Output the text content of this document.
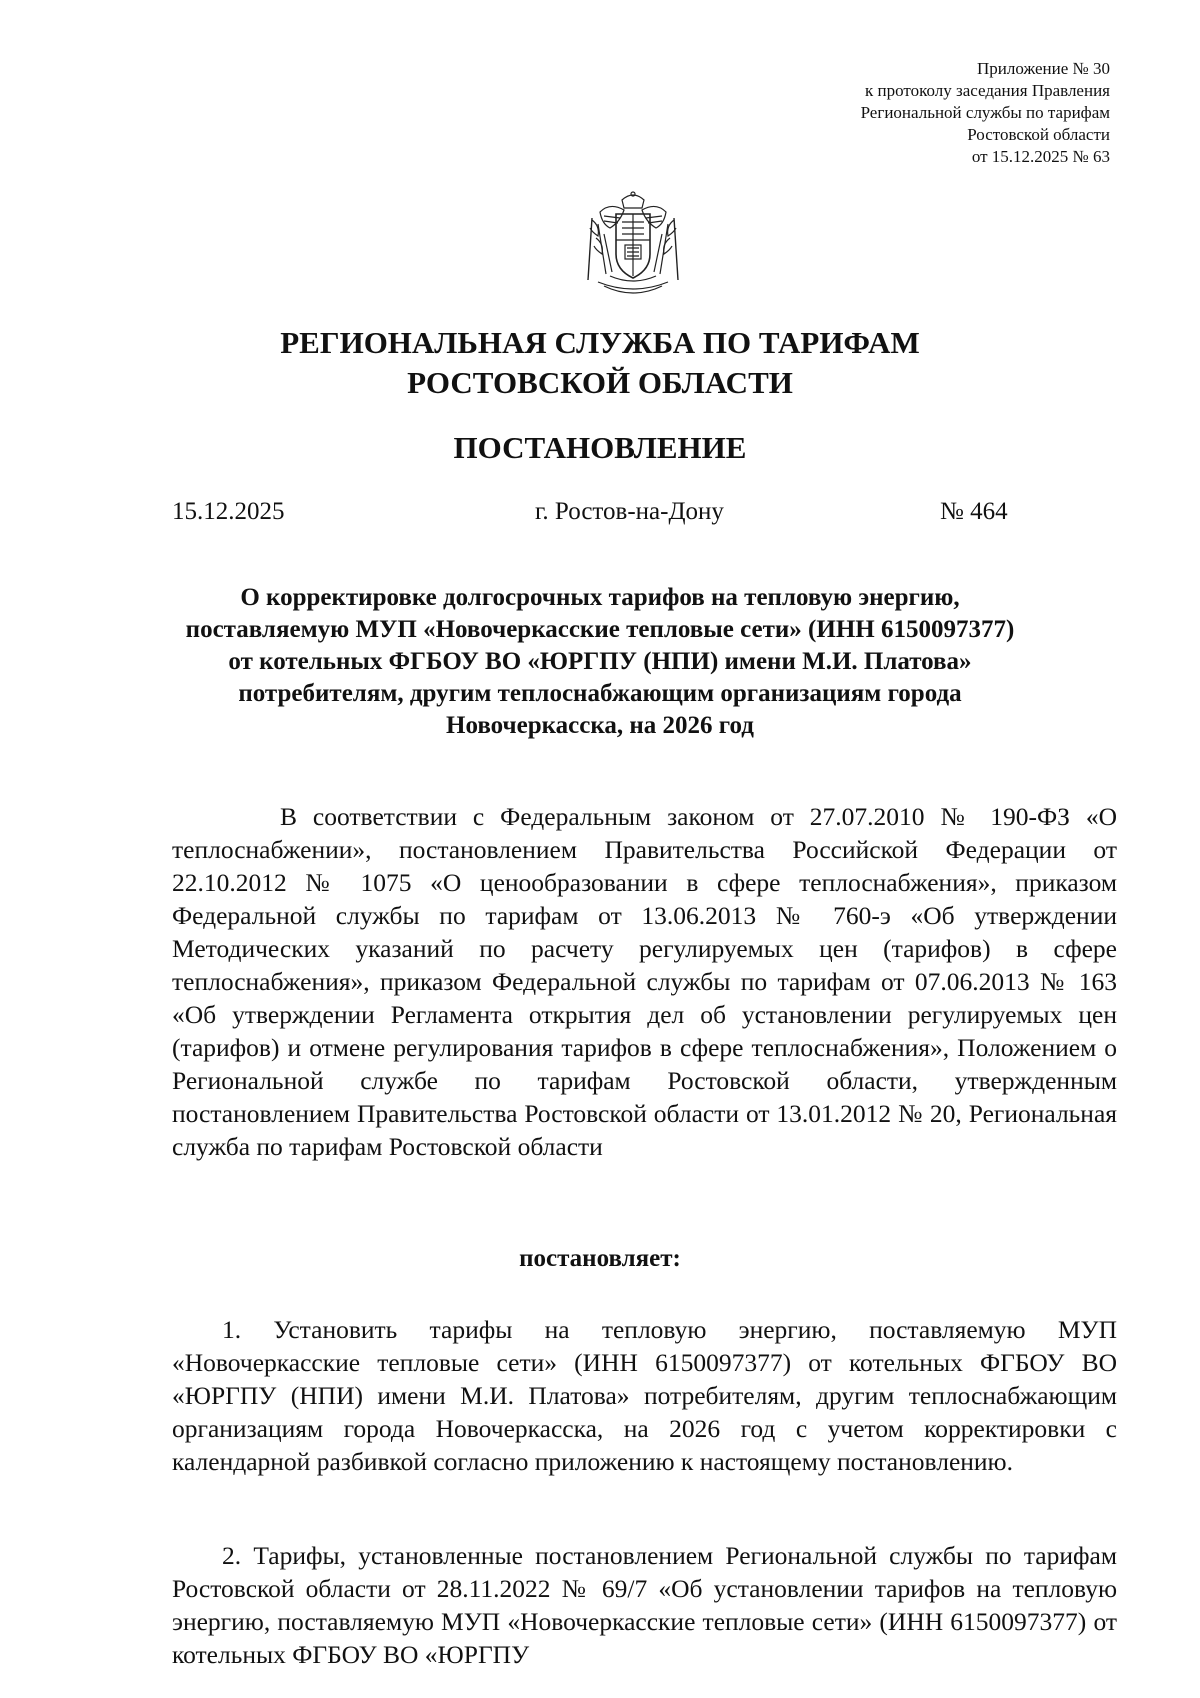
Приложение № 30
к протоколу заседания Правления
Региональной службы по тарифам
Ростовской области
от 15.12.2025 № 63
РЕГИОНАЛЬНАЯ СЛУЖБА ПО ТАРИФАМ
РОСТОВСКОЙ ОБЛАСТИ
ПОСТАНОВЛЕНИЕ
15.12.2025	г. Ростов-на-Дону	№ 464
О корректировке долгосрочных тарифов на тепловую энергию,
поставляемую МУП «Новочеркасские тепловые сети» (ИНН 6150097377)
от котельных ФГБОУ ВО «ЮРГПУ (НПИ) имени М.И. Платова»
потребителям, другим теплоснабжающим организациям города
Новочеркасска, на 2026 год

В соответствии с Федеральным законом от 27.07.2010 № 190-ФЗ «О теплоснабжении», постановлением Правительства Российской Федерации от 22.10.2012 № 1075 «О ценообразовании в сфере теплоснабжения», приказом Федеральной службы по тарифам от 13.06.2013 № 760-э «Об утверждении Методических указаний по расчету регулируемых цен (тарифов) в сфере теплоснабжения», приказом Федеральной службы по тарифам от 07.06.2013 № 163 «Об утверждении Регламента открытия дел об установлении регулируемых цен (тарифов) и отмене регулирования тарифов в сфере теплоснабжения», Положением о Региональной службе по тарифам Ростовской области, утвержденным постановлением Правительства Ростовской области от 13.01.2012 № 20, Региональная служба по тарифам Ростовской области

постановляет:

1. Установить тарифы на тепловую энергию, поставляемую МУП «Новочеркасские тепловые сети» (ИНН 6150097377) от котельных ФГБОУ ВО «ЮРГПУ (НПИ) имени М.И. Платова» потребителям, другим теплоснабжающим организациям города Новочеркасска, на 2026 год с учетом корректировки с календарной разбивкой согласно приложению к настоящему постановлению.

2. Тарифы, установленные постановлением Региональной службы по тарифам Ростовской области от 28.11.2022 № 69/7 «Об установлении тарифов на тепловую энергию, поставляемую МУП «Новочеркасские тепловые сети» (ИНН 6150097377) от котельных ФГБОУ ВО «ЮРГПУ
